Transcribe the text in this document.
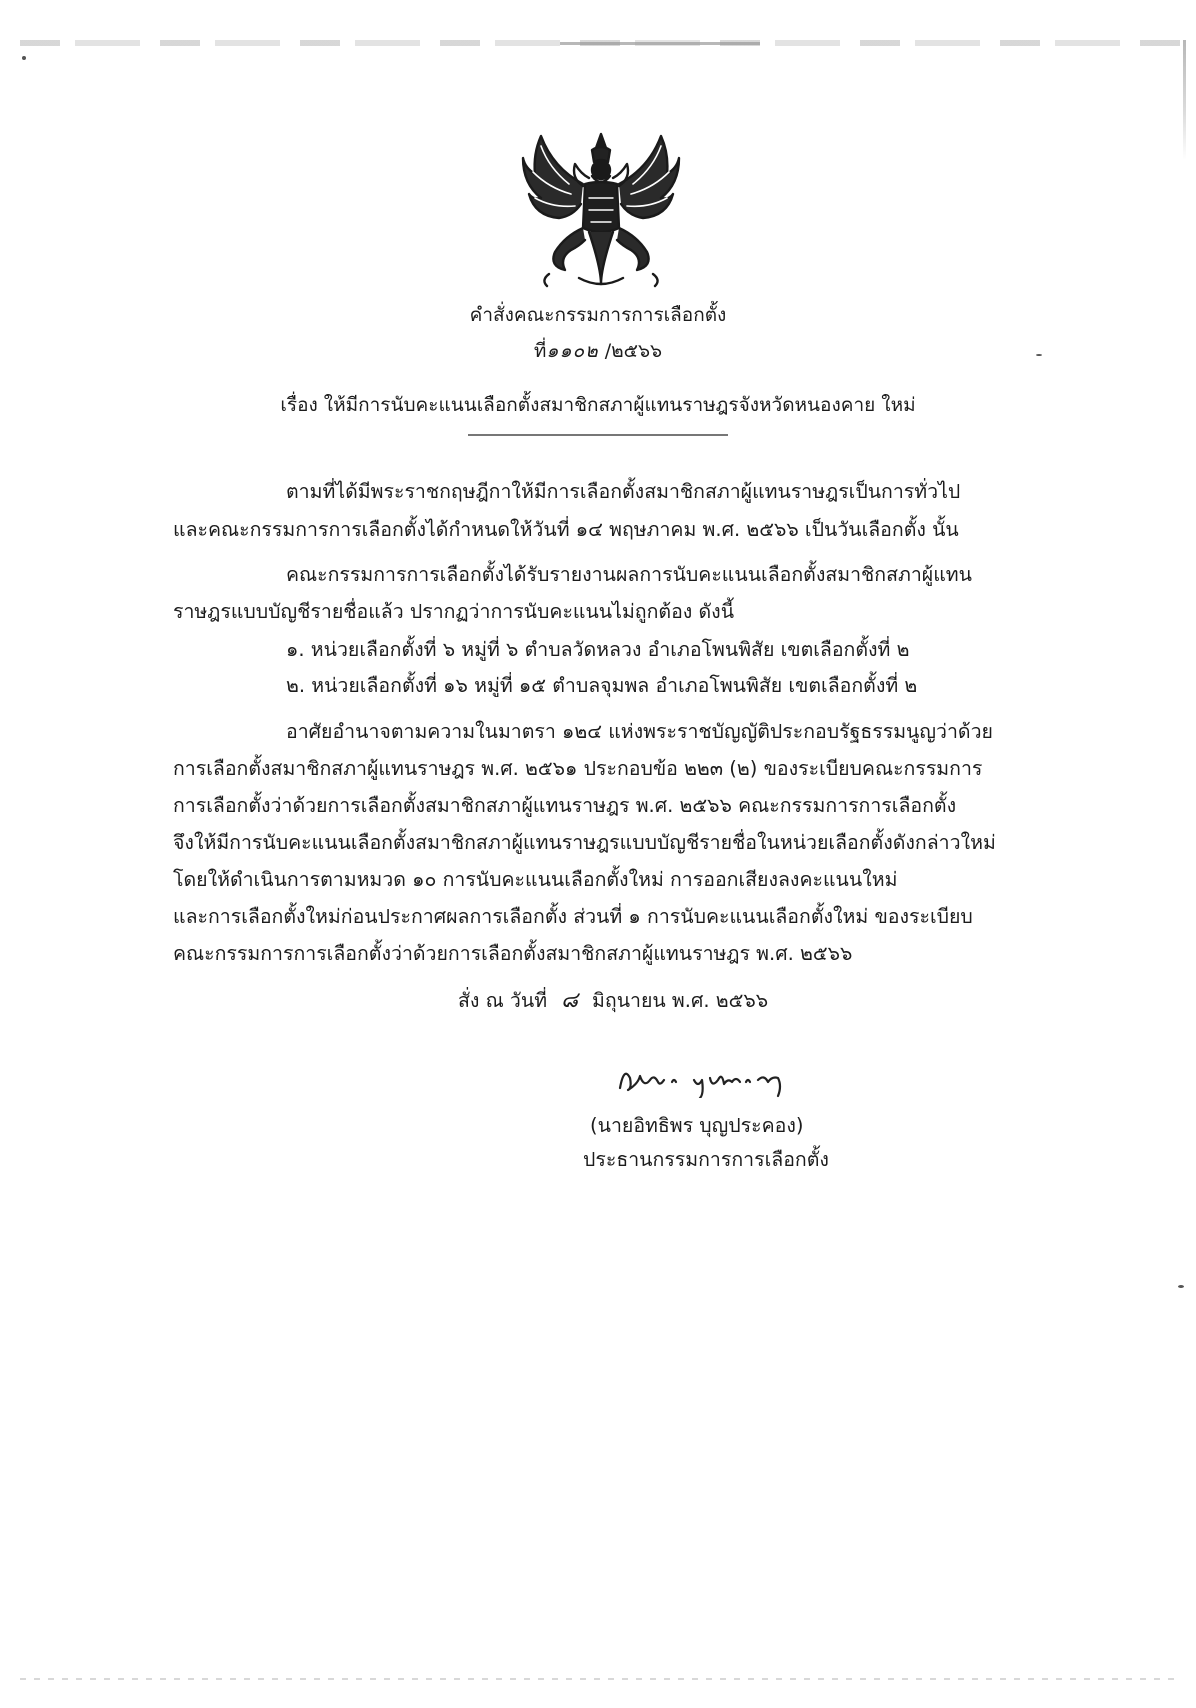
คำสั่งคณะกรรมการการเลือกตั้ง
ที่๑๑๐๒ /๒๕๖๖
เรื่อง ให้มีการนับคะแนนเลือกตั้งสมาชิกสภาผู้แทนราษฎรจังหวัดหนองคาย ใหม่
ตามที่ได้มีพระราชกฤษฎีกาให้มีการเลือกตั้งสมาชิกสภาผู้แทนราษฎรเป็นการทั่วไป
และคณะกรรมการการเลือกตั้งได้กำหนดให้วันที่ ๑๔ พฤษภาคม พ.ศ. ๒๕๖๖ เป็นวันเลือกตั้ง นั้น
คณะกรรมการการเลือกตั้งได้รับรายงานผลการนับคะแนนเลือกตั้งสมาชิกสภาผู้แทน
ราษฎรแบบบัญชีรายชื่อแล้ว ปรากฏว่าการนับคะแนนไม่ถูกต้อง ดังนี้
๑. หน่วยเลือกตั้งที่ ๖ หมู่ที่ ๖ ตำบลวัดหลวง อำเภอโพนพิสัย เขตเลือกตั้งที่ ๒
๒. หน่วยเลือกตั้งที่ ๑๖ หมู่ที่ ๑๕ ตำบลจุมพล อำเภอโพนพิสัย เขตเลือกตั้งที่ ๒
อาศัยอำนาจตามความในมาตรา ๑๒๔ แห่งพระราชบัญญัติประกอบรัฐธรรมนูญว่าด้วย
การเลือกตั้งสมาชิกสภาผู้แทนราษฎร พ.ศ. ๒๕๖๑ ประกอบข้อ ๒๒๓ (๒) ของระเบียบคณะกรรมการ
การเลือกตั้งว่าด้วยการเลือกตั้งสมาชิกสภาผู้แทนราษฎร พ.ศ. ๒๕๖๖ คณะกรรมการการเลือกตั้ง
จึงให้มีการนับคะแนนเลือกตั้งสมาชิกสภาผู้แทนราษฎรแบบบัญชีรายชื่อในหน่วยเลือกตั้งดังกล่าวใหม่
โดยให้ดำเนินการตามหมวด ๑๐ การนับคะแนนเลือกตั้งใหม่ การออกเสียงลงคะแนนใหม่
และการเลือกตั้งใหม่ก่อนประกาศผลการเลือกตั้ง ส่วนที่ ๑ การนับคะแนนเลือกตั้งใหม่ ของระเบียบ
คณะกรรมการการเลือกตั้งว่าด้วยการเลือกตั้งสมาชิกสภาผู้แทนราษฎร พ.ศ. ๒๕๖๖
สั่ง ณ วันที่ ๘ มิถุนายน พ.ศ. ๒๕๖๖
(นายอิทธิพร บุญประคอง)
ประธานกรรมการการเลือกตั้ง
